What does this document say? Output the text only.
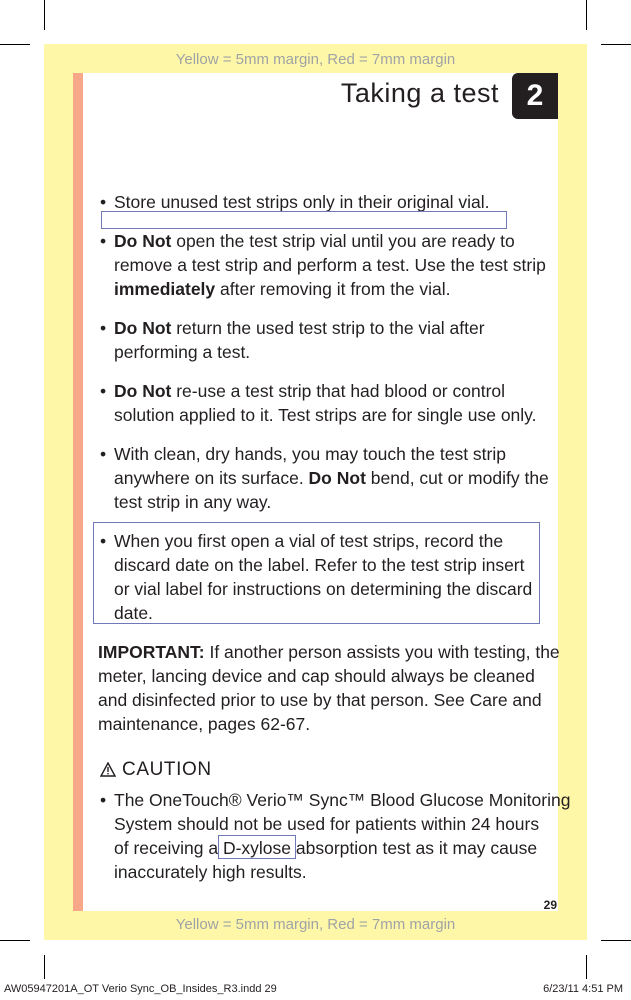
Yellow = 5mm margin, Red = 7mm margin
Yellow = 5mm margin, Red = 7mm margin
Taking a test 2
• Store unused test strips only in their original vial.
• Do Not open the test strip vial until you are ready to
remove a test strip and perform a test. Use the test strip
immediately after removing it from the vial.
• Do Not return the used test strip to the vial after
performing a test.
• Do Not re-use a test strip that had blood or control
solution applied to it. Test strips are for single use only.
• With clean, dry hands, you may touch the test strip
anywhere on its surface. Do Not bend, cut or modify the
test strip in any way.
• When you first open a vial of test strips, record the
discard date on the label. Refer to the test strip insert
or vial label for instructions on determining the discard
date.
IMPORTANT: If another person assists you with testing, the
meter, lancing device and cap should always be cleaned
and disinfected prior to use by that person. See Care and
maintenance, pages 62-67.
CAUTION
• The OneTouch® Verio™ Sync™ Blood Glucose Monitoring
System should not be used for patients within 24 hours
of receiving a D-xylose absorption test as it may cause
inaccurately high results.
29
AW05947201A_OT Verio Sync_OB_Insides_R3.indd 29	6/23/11 4:51 PM
